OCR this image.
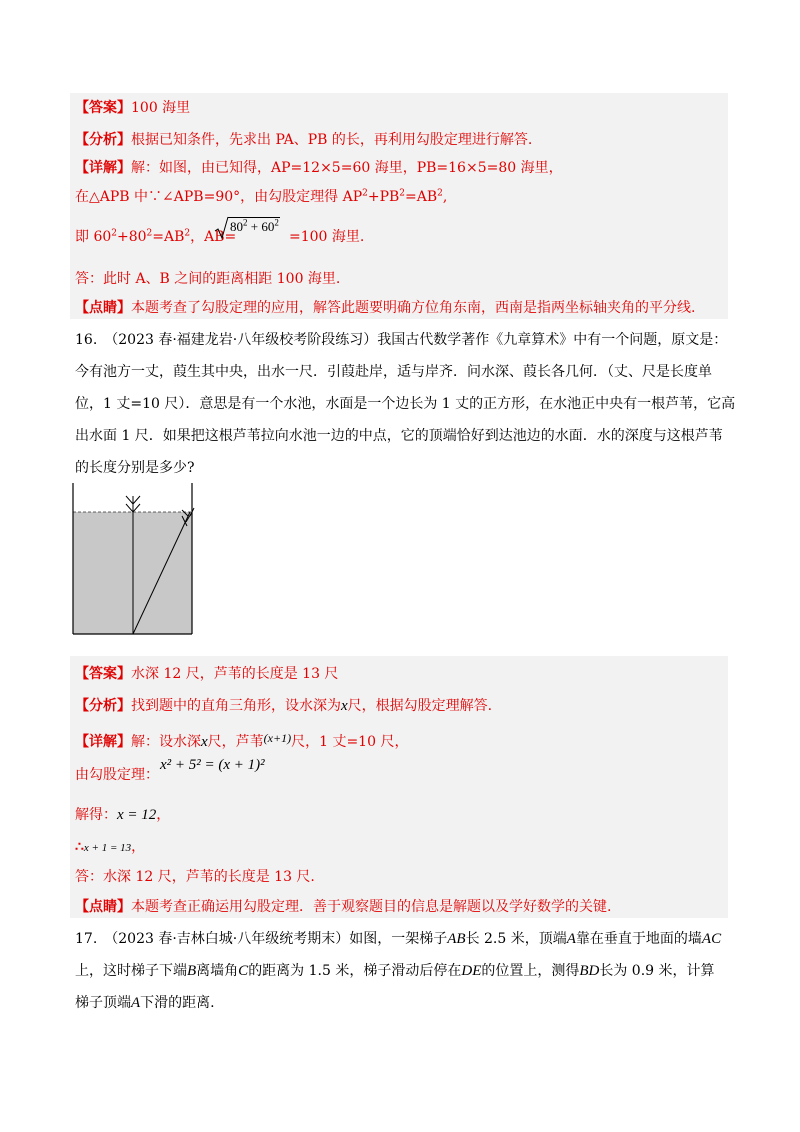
【答案】100 海里
【分析】根据已知条件，先求出 PA、PB 的长，再利用勾股定理进行解答.
【详解】解：如图，由已知得，AP=12×5=60 海里，PB=16×5=80 海里，
在△APB 中∵∠APB=90°，由勾股定理得 $AP^2+PB^2=AB^2$,
即 $60^2+80^2=AB^2$，AB=
$80^2 + 60^2$
=100 海里.
答：此时 A、B 之间的距离相距 100 海里.
【点睛】本题考查了勾股定理的应用，解答此题要明确方位角东南，西南是指两坐标轴夹角的平分线.
16.　（2023 春·福建龙岩·八年级校考阶段练习）我国古代数学著作《九章算术》中有一个问题，原文是：
今有池方一丈，葭生其中央，出水一尺．引葭赴岸，适与岸齐．问水深、葭长各几何．（丈、尺是长度单
位，1 丈=10 尺）．意思是有一个水池，水面是一个边长为 1 丈的正方形，在水池正中央有一根芦苇，它高
出水面 1 尺．如果把这根芦苇拉向水池一边的中点，它的顶端恰好到达池边的水面．水的深度与这根芦苇
的长度分别是多少?
【答案】水深 12 尺，芦苇的长度是 13 尺
【分析】找到题中的直角三角形，设水深为x尺，根据勾股定理解答.
【详解】解：设水深x尺，芦苇(x+1)尺，1 丈=10 尺，
由勾股定理：
x² + 5² = (x + 1)²
解得：x = 12，
∴x + 1 = 13，
答：水深 12 尺，芦苇的长度是 13 尺.
【点睛】本题考查正确运用勾股定理．善于观察题目的信息是解题以及学好数学的关键.
17.　（2023 春·吉林白城·八年级统考期末）如图，一架梯子AB长 2.5 米，顶端A靠在垂直于地面的墙AC
上，这时梯子下端B离墙角C的距离为 1.5 米，梯子滑动后停在DE的位置上，测得BD长为 0.9 米，计算
梯子顶端A下滑的距离.
